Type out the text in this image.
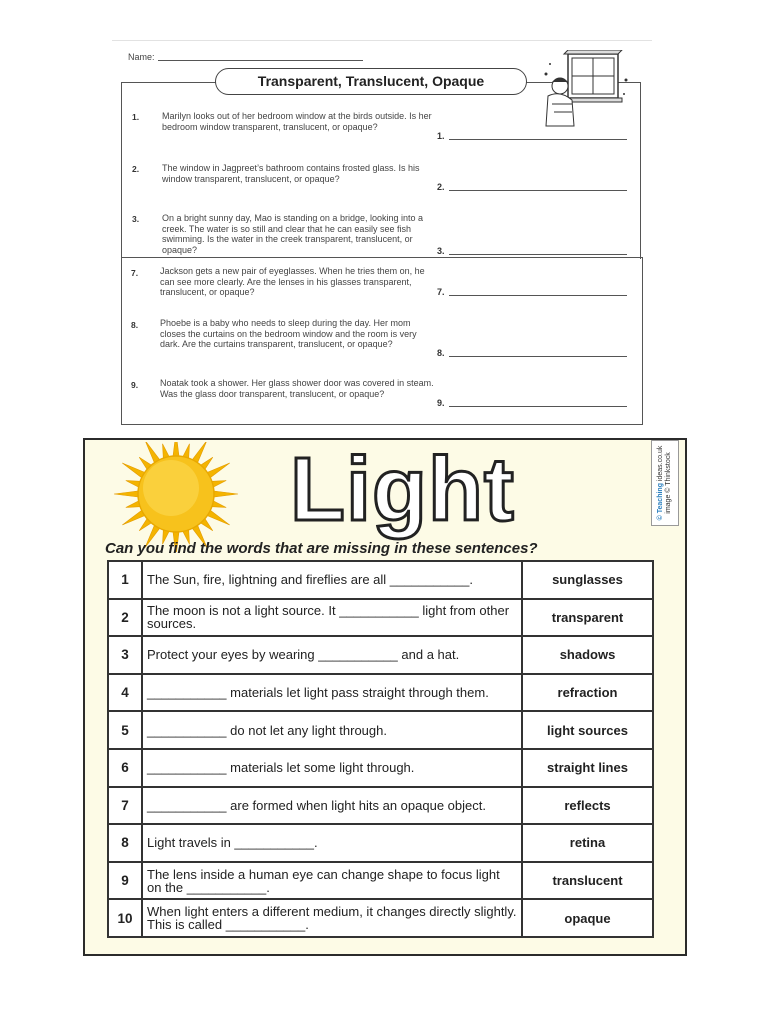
Name:
Transparent, Translucent, Opaque
1.	Marilyn looks out of her bedroom window at the birds outside. Is her bedroom window transparent, translucent, or opaque?
1.
2.	The window in Jagpreet’s bathroom contains frosted glass. Is his window transparent, translucent, or opaque?
2.
3.	On a bright sunny day, Mao is standing on a bridge, looking into a creek. The water is so still and clear that he can easily see fish swimming. Is the water in the creek transparent, translucent, or opaque?	3.
7. Jackson gets a new pair of eyeglasses. When he tries them on, he can see more clearly. Are the lenses in his glasses transparent, translucent, or opaque?	7.
8. Phoebe is a baby who needs to sleep during the day. Her mom closes the curtains on the bedroom window and the room is very dark. Are the curtains transparent, translucent, or opaque?
8.
9. Noatak took a shower. Her glass shower door was covered in steam. Was the glass door transparent, translucent, or opaque?
9.
Light	© Teaching ideas.co.uk
image © Thinkstock
Can you find the words that are missing in these sentences?
1	The Sun, fire, lightning and fireflies are all ___________.	sunglasses
2	The moon is not a light source. It ___________ light from other sources.	transparent
3	Protect your eyes by wearing ___________ and a hat.	shadows
4	___________ materials let light pass straight through them.	refraction
5	___________ do not let any light through.	light sources
6	___________ materials let some light through.	straight lines
7	___________ are formed when light hits an opaque object.	reflects
8	Light travels in ___________.	retina
9	The lens inside a human eye can change shape to focus light on the ___________.	translucent
10	When light enters a different medium, it changes directly slightly. This is called ___________.	opaque
